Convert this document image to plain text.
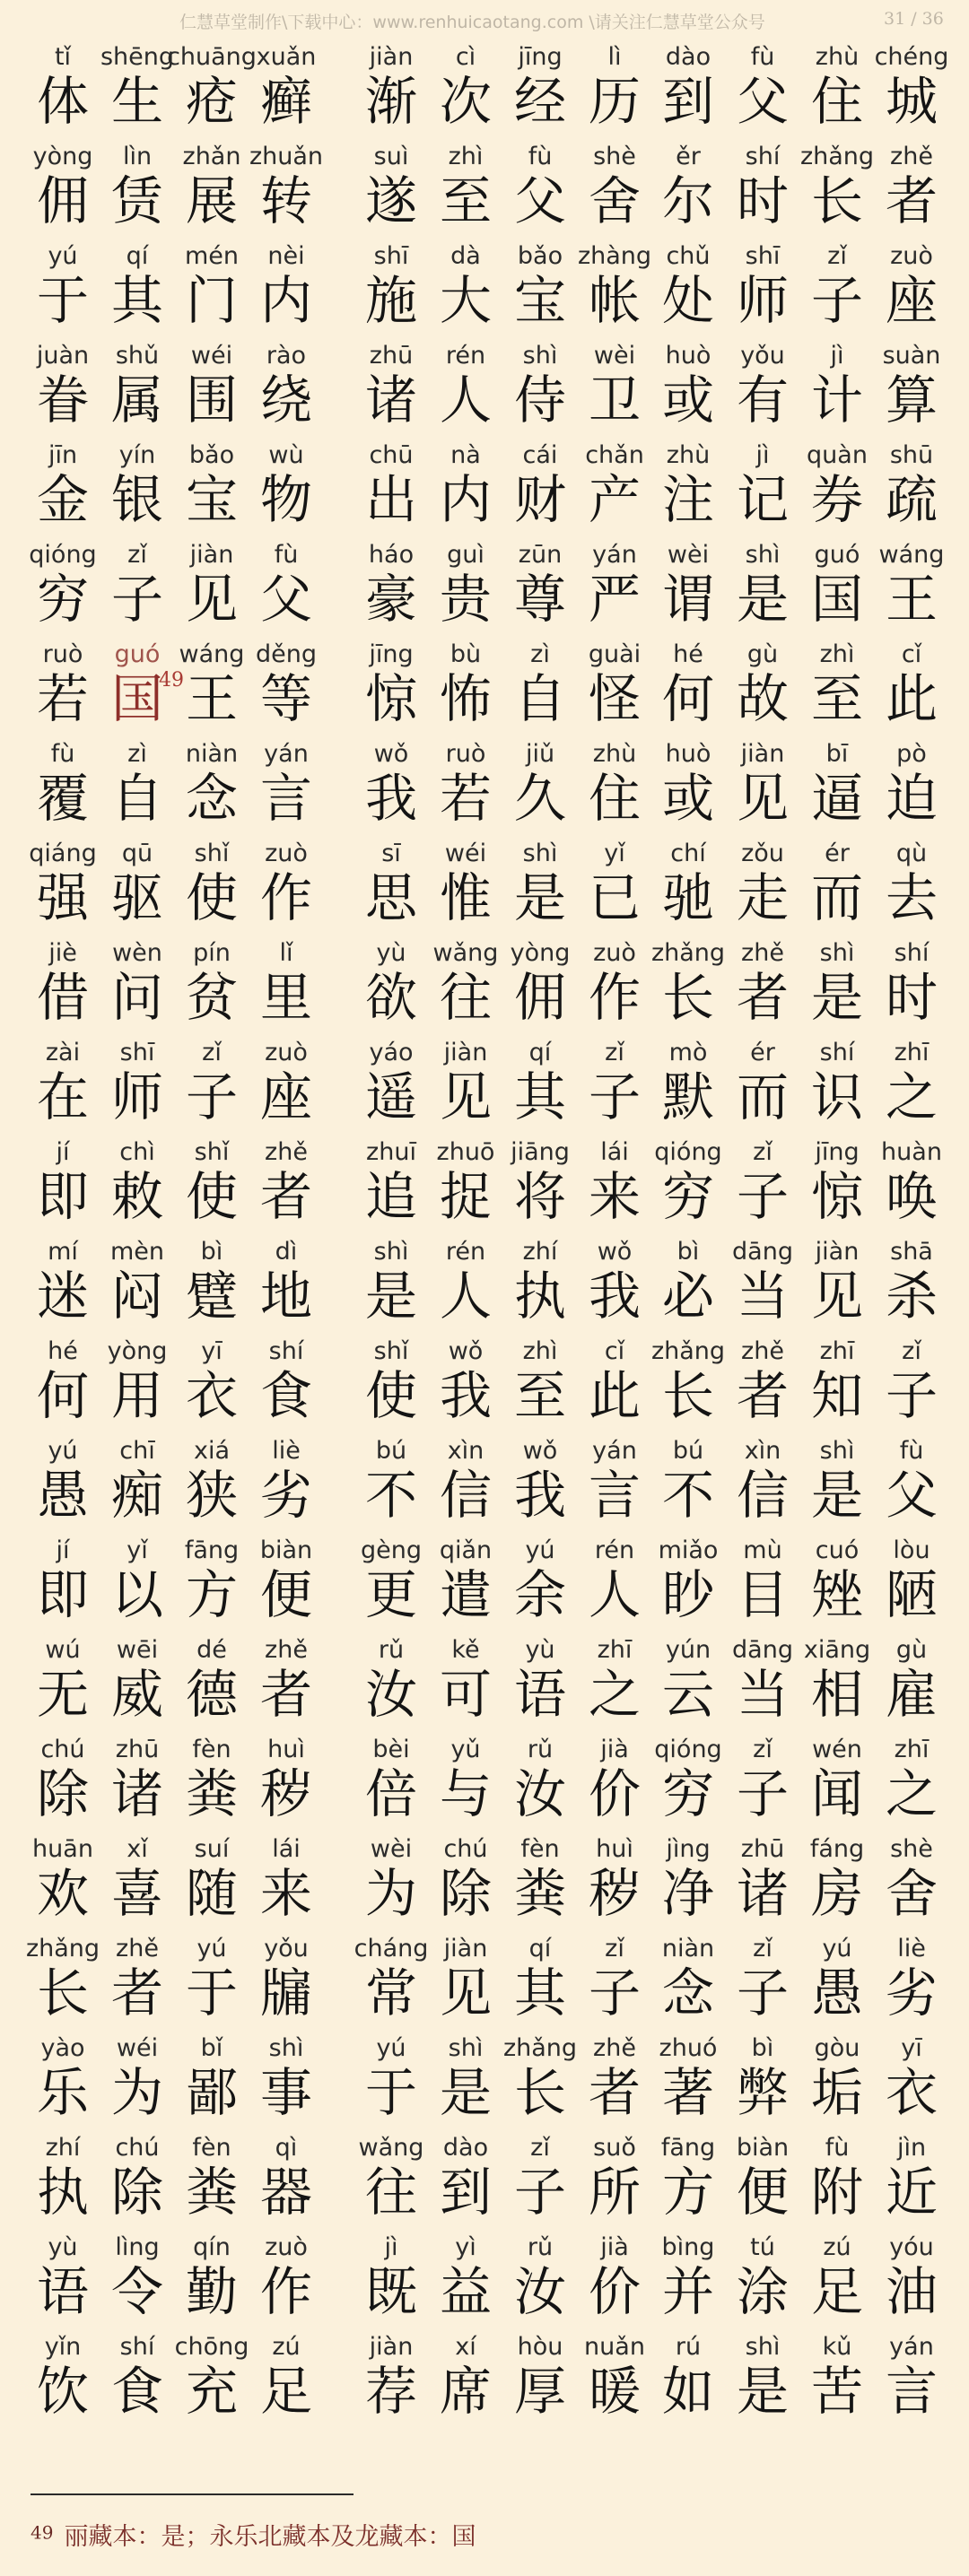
仁慧草堂制作\下载中心：www.renhuicaotang.com \请关注仁慧草堂公众号	31 / 36
tǐ
体
shēng
生
chuāng
疮
xuǎn
癣
jiàn
渐
cì
次
jīng
经
lì
历
dào
到
fù
父
zhù
住
chéng
城
yòng
佣
lìn
赁
zhǎn
展
zhuǎn
转
suì
遂
zhì
至
fù
父
shè
舍
ěr
尔
shí
时
zhǎng
长
zhě
者
yú
于
qí
其
mén
门
nèi
内
shī
施
dà
大
bǎo
宝
zhàng
帐
chǔ
处
shī
师
zǐ
子
zuò
座
juàn
眷
shǔ
属
wéi
围
rào
绕
zhū
诸
rén
人
shì
侍
wèi
卫
huò
或
yǒu
有
jì
计
suàn
算
jīn
金
yín
银
bǎo
宝
wù
物
chū
出
nà
内
cái
财
chǎn
产
zhù
注
jì
记
quàn
券
shū
疏
qióng
穷
zǐ
子
jiàn
见
fù
父
háo
豪
guì
贵
zūn
尊
yán
严
wèi
谓
shì
是
guó
国
wáng
王
ruò
若
guó
国
49
wáng
王
děng
等
jīng
惊
bù
怖
zì
自
guài
怪
hé
何
gù
故
zhì
至
cǐ
此
fù
覆
zì
自
niàn
念
yán
言
wǒ
我
ruò
若
jiǔ
久
zhù
住
huò
或
jiàn
见
bī
逼
pò
迫
qiáng
强
qū
驱
shǐ
使
zuò
作
sī
思
wéi
惟
shì
是
yǐ
已
chí
驰
zǒu
走
ér
而
qù
去
jiè
借
wèn
问
pín
贫
lǐ
里
yù
欲
wǎng
往
yòng
佣
zuò
作
zhǎng
长
zhě
者
shì
是
shí
时
zài
在
shī
师
zǐ
子
zuò
座
yáo
遥
jiàn
见
qí
其
zǐ
子
mò
默
ér
而
shí
识
zhī
之
jí
即
chì
敕
shǐ
使
zhě
者
zhuī
追
zhuō
捉
jiāng
将
lái
来
qióng
穷
zǐ
子
jīng
惊
huàn
唤
mí
迷
mèn
闷
bì
躄
dì
地
shì
是
rén
人
zhí
执
wǒ
我
bì
必
dāng
当
jiàn
见
shā
杀
hé
何
yòng
用
yī
衣
shí
食
shǐ
使
wǒ
我
zhì
至
cǐ
此
zhǎng
长
zhě
者
zhī
知
zǐ
子
yú
愚
chī
痴
xiá
狭
liè
劣
bú
不
xìn
信
wǒ
我
yán
言
bú
不
xìn
信
shì
是
fù
父
jí
即
yǐ
以
fāng
方
biàn
便
gèng
更
qiǎn
遣
yú
余
rén
人
miǎo
眇
mù
目
cuó
矬
lòu
陋
wú
无
wēi
威
dé
德
zhě
者
rǔ
汝
kě
可
yù
语
zhī
之
yún
云
dāng
当
xiāng
相
gù
雇
chú
除
zhū
诸
fèn
粪
huì
秽
bèi
倍
yǔ
与
rǔ
汝
jià
价
qióng
穷
zǐ
子
wén
闻
zhī
之
huān
欢
xǐ
喜
suí
随
lái
来
wèi
为
chú
除
fèn
粪
huì
秽
jìng
净
zhū
诸
fáng
房
shè
舍
zhǎng
长
zhě
者
yú
于
yǒu
牖
cháng
常
jiàn
见
qí
其
zǐ
子
niàn
念
zǐ
子
yú
愚
liè
劣
yào
乐
wéi
为
bǐ
鄙
shì
事
yú
于
shì
是
zhǎng
长
zhě
者
zhuó
著
bì
弊
gòu
垢
yī
衣
zhí
执
chú
除
fèn
粪
qì
器
wǎng
往
dào
到
zǐ
子
suǒ
所
fāng
方
biàn
便
fù
附
jìn
近
yù
语
lìng
令
qín
勤
zuò
作
jì
既
yì
益
rǔ
汝
jià
价
bìng
并
tú
涂
zú
足
yóu
油
yǐn
饮
shí
食
chōng
充
zú
足
jiàn
荐
xí
席
hòu
厚
nuǎn
暖
rú
如
shì
是
kǔ
苦
yán
言
49 丽藏本：是；永乐北藏本及龙藏本：国
